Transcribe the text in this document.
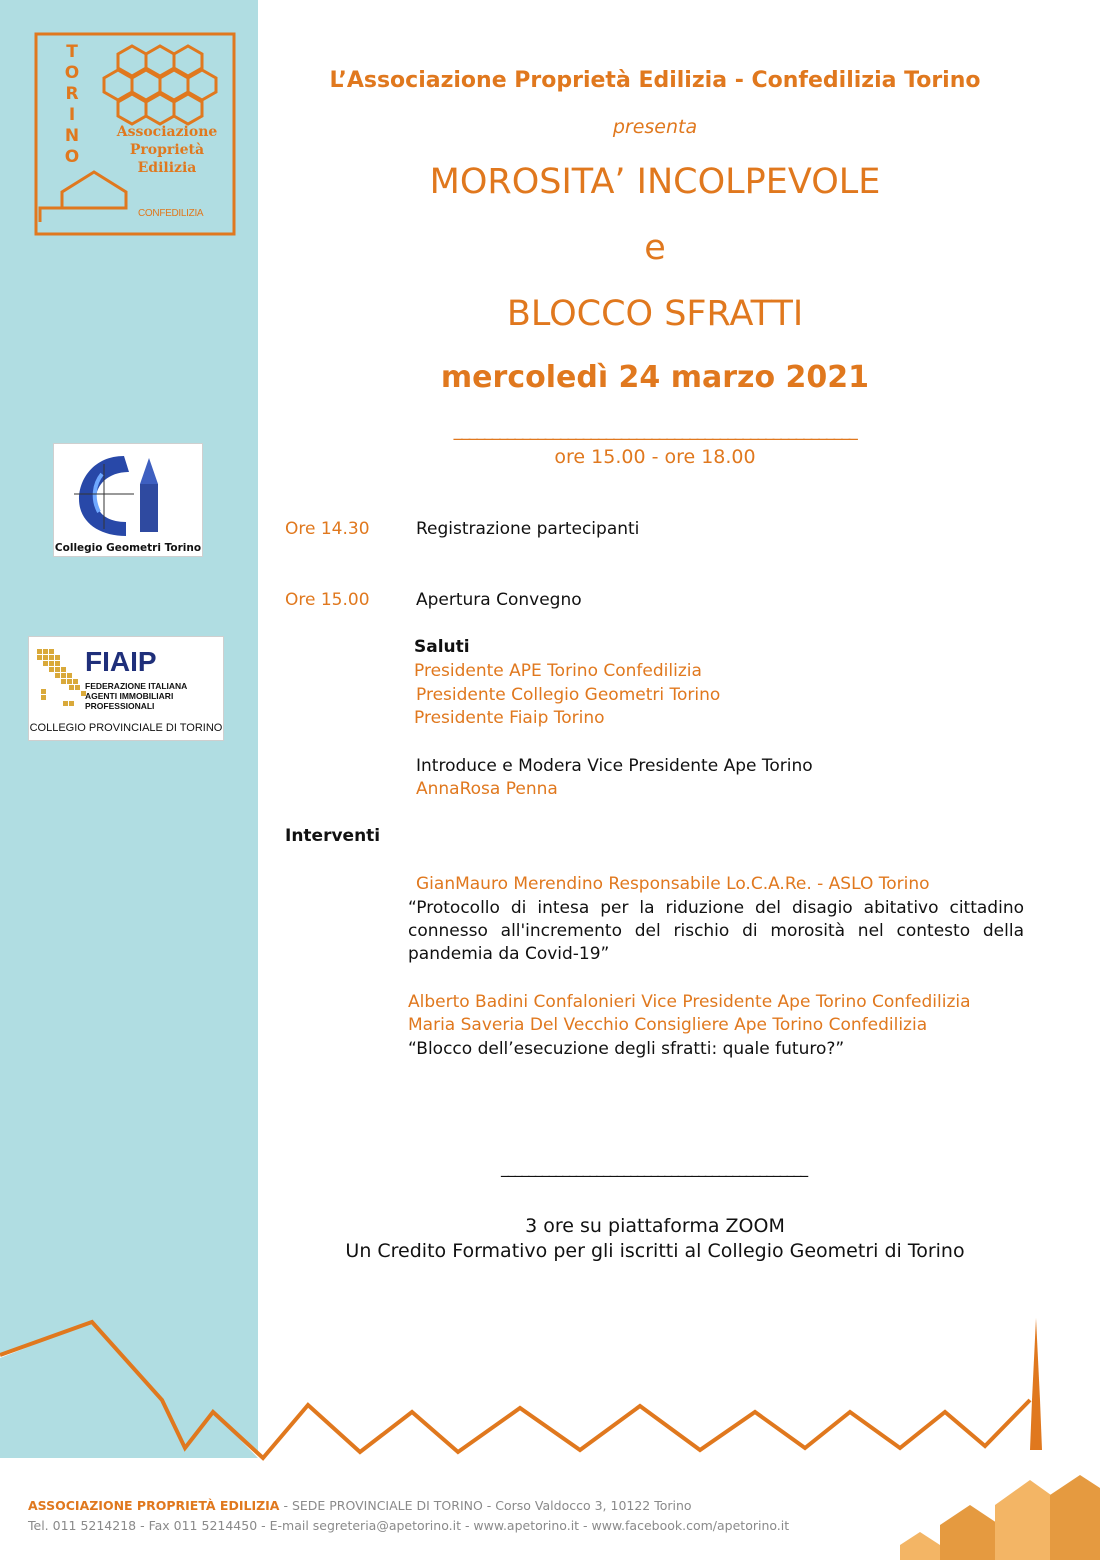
TORINO
Associazione
Proprietà
Edilizia
CONFEDILIZIA
Collegio Geometri Torino
FIAIP
FEDERAZIONE ITALIANA
AGENTI IMMOBILIARI
PROFESSIONALI
COLLEGIO PROVINCIALE DI TORINO
L’Associazione Proprietà Edilizia - Confedilizia Torino
presenta
MOROSITA’ INCOLPEVOLE
e
BLOCCO SFRATTI
mercoledì 24 marzo 2021
_____________________________________________________
ore 15.00 - ore 18.00
Ore 14.30	Registrazione partecipanti
Ore 15.00	Apertura Convegno
Saluti
Presidente APE Torino Confedilizia
Presidente Collegio Geometri Torino
Presidente Fiaip Torino
Introduce e Modera Vice Presidente Ape Torino
AnnaRosa Penna
Interventi
GianMauro Merendino Responsabile Lo.C.A.Re. - ASLO Torino
“Protocollo di intesa per la riduzione del disagio abitativo cittadino connesso all'incremento del rischio di morosità nel contesto della pandemia da Covid-19”
Alberto Badini Confalonieri Vice Presidente Ape Torino Confedilizia
Maria Saveria Del Vecchio Consigliere Ape Torino Confedilizia
“Blocco dell’esecuzione degli sfratti: quale futuro?”
_____________________________________________
3 ore su piattaforma ZOOM
Un Credito Formativo per gli iscritti al Collegio Geometri di Torino
ASSOCIAZIONE PROPRIETÀ EDILIZIA - SEDE PROVINCIALE DI TORINO - Corso Valdocco 3, 10122 Torino
Tel. 011 5214218 - Fax 011 5214450 - E-mail segreteria@apetorino.it - www.apetorino.it - www.facebook.com/apetorino.it
